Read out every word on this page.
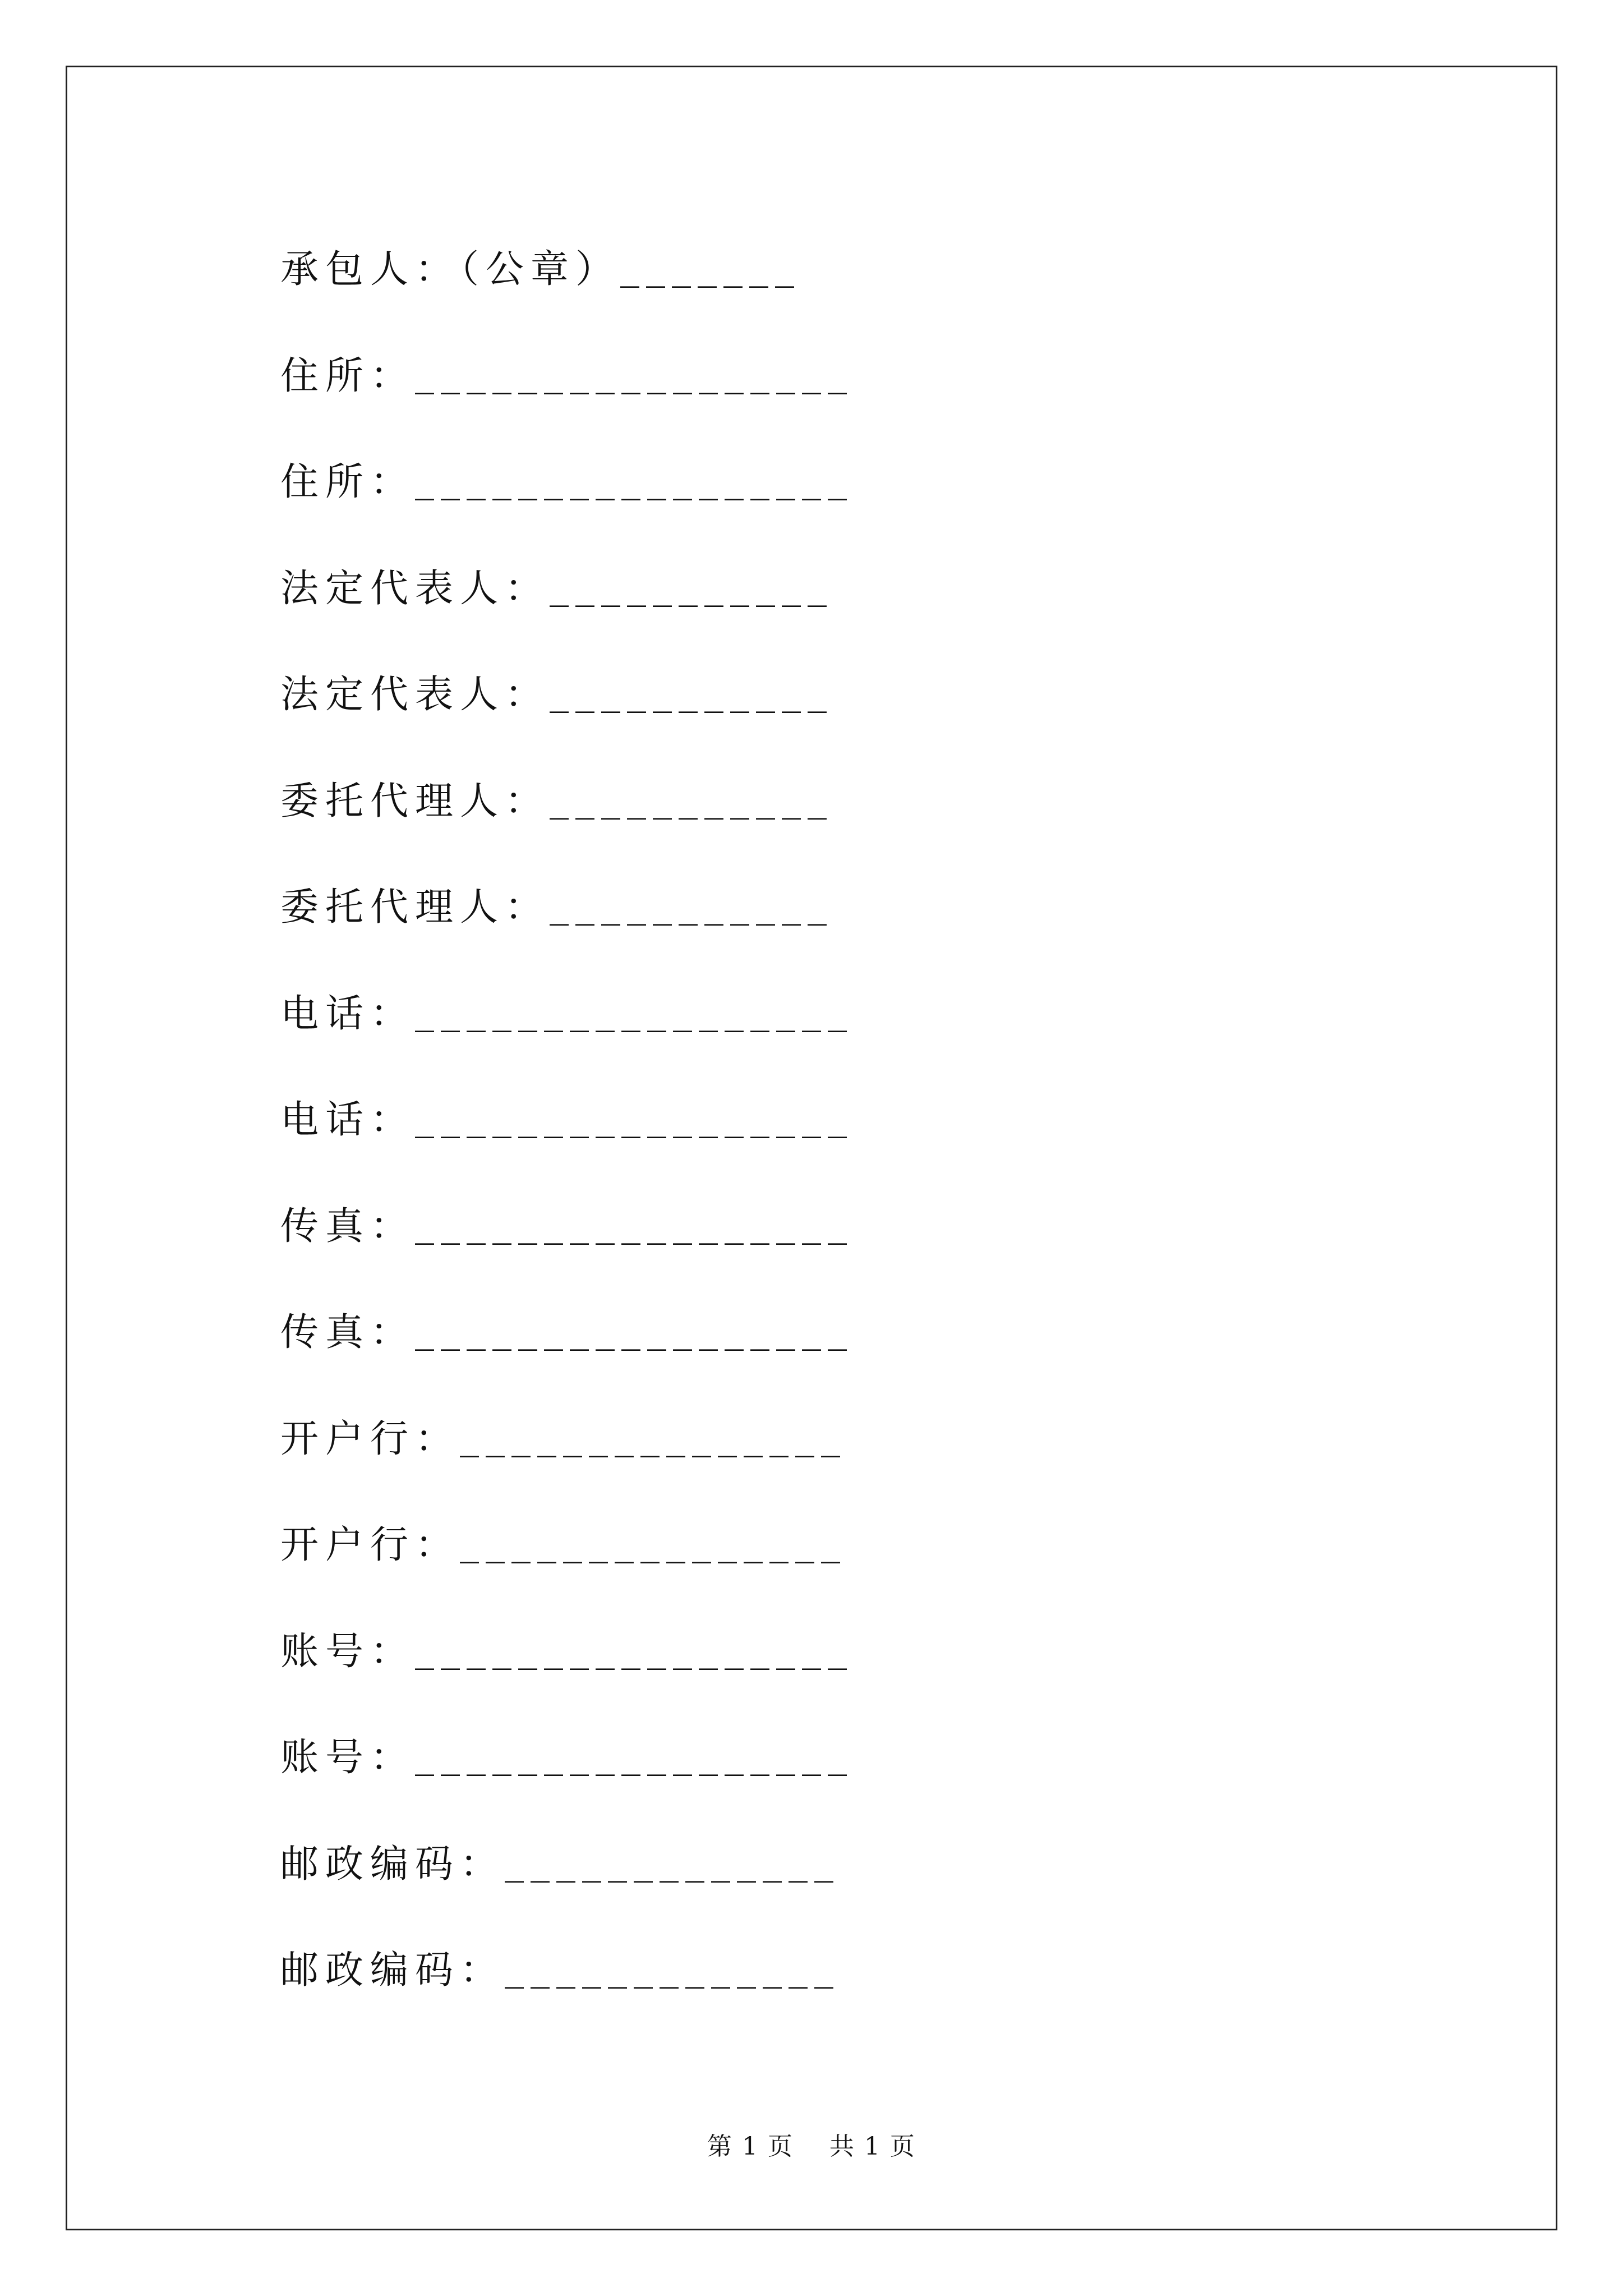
承包人：（公章） _______
住所： _________________
住所： _________________
法定代表人： ___________
法定代表人： ___________
委托代理人： ___________
委托代理人： ___________
电话： _________________
电话： _________________
传真： _________________
传真： _________________
开户行： _______________
开户行： _______________
账号： _________________
账号： _________________
邮政编码： _____________
邮政编码： _____________
第 1 页    共 1 页
